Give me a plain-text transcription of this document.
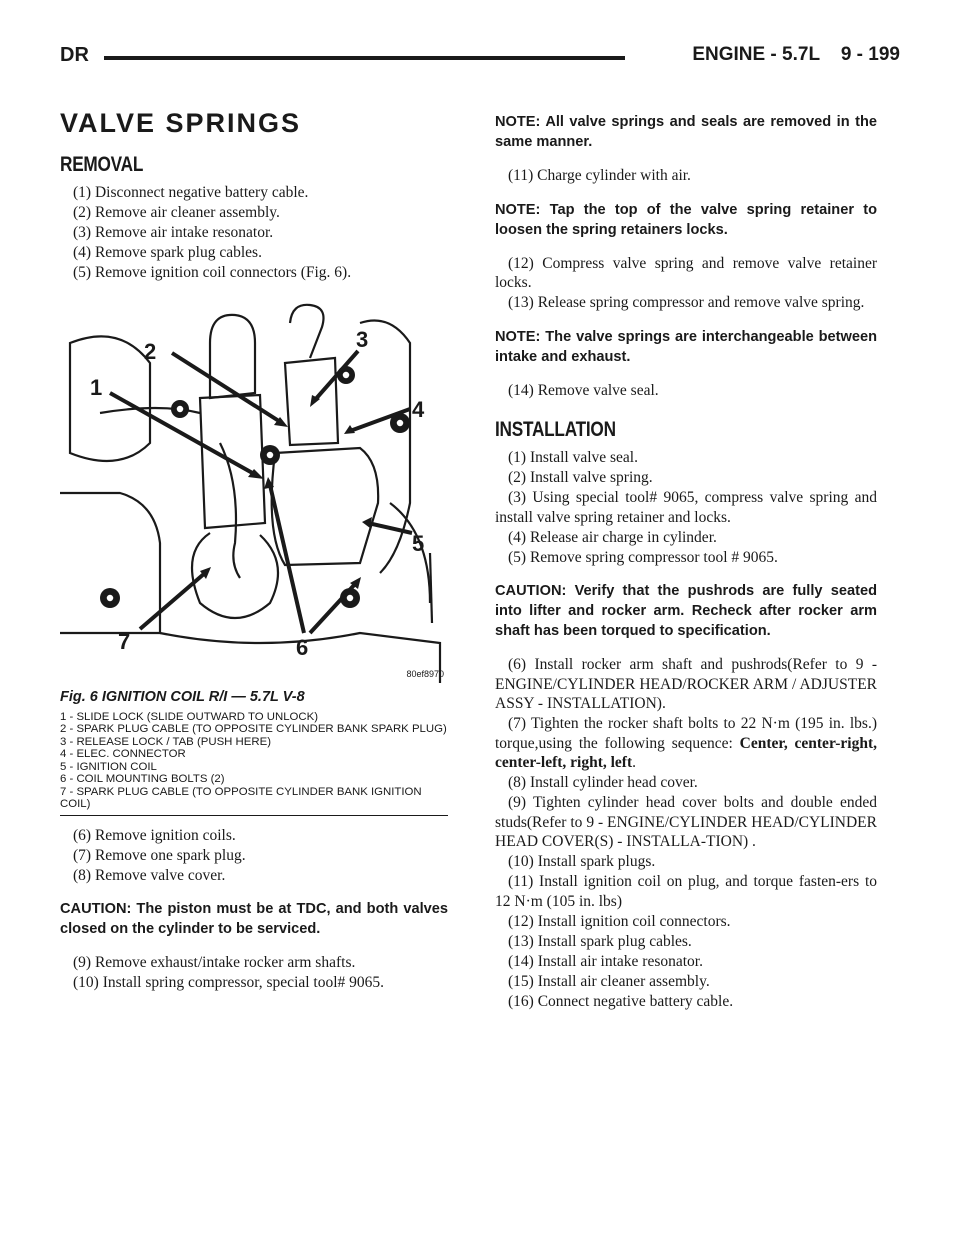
DR	ENGINE - 5.7L    9 - 199
VALVE SPRINGS
REMOVAL

(1) Disconnect negative battery cable.

(2) Remove air cleaner assembly.

(3) Remove air intake resonator.

(4) Remove spark plug cables.

(5) Remove ignition coil connectors (Fig. 6).

1
2	3
4
5
6
7
80ef8970
Fig. 6 IGNITION COIL R/I — 5.7L V-8

1 - SLIDE LOCK (SLIDE OUTWARD TO UNLOCK)

2 - SPARK PLUG CABLE (TO OPPOSITE CYLINDER BANK SPARK PLUG)

3 - RELEASE LOCK / TAB (PUSH HERE)

4 - ELEC. CONNECTOR

5 - IGNITION COIL

6 - COIL MOUNTING BOLTS (2)

7 - SPARK PLUG CABLE (TO OPPOSITE CYLINDER BANK IGNITION COIL)

(6) Remove ignition coils.

(7) Remove one spark plug.

(8) Remove valve cover.

CAUTION: The piston must be at TDC, and both valves closed on the cylinder to be serviced.

(9) Remove exhaust/intake rocker arm shafts.

(10) Install spring compressor, special tool# 9065.

NOTE: All valve springs and seals are removed in the same manner.

(11) Charge cylinder with air.

NOTE: Tap the top of the valve spring retainer to loosen the spring retainers locks.

(12) Compress valve spring and remove valve retainer locks.

(13) Release spring compressor and remove valve spring.

NOTE: The valve springs are interchangeable between intake and exhaust.

(14) Remove valve seal.

INSTALLATION

(1) Install valve seal.

(2) Install valve spring.

(3) Using special tool# 9065, compress valve spring and install valve spring retainer and locks.

(4) Release air charge in cylinder.

(5) Remove spring compressor tool # 9065.

CAUTION: Verify that the pushrods are fully seated into lifter and rocker arm. Recheck after rocker arm shaft has been torqued to specification.

(6) Install rocker arm shaft and pushrods(Refer to 9 - ENGINE/CYLINDER HEAD/ROCKER ARM / ADJUSTER ASSY - INSTALLATION).

(7) Tighten the rocker shaft bolts to 22 N·m (195 in. lbs.) torque,using the following sequence: Center, center-right, center-left, right, left.

(8) Install cylinder head cover.

(9) Tighten cylinder head cover bolts and double ended studs(Refer to 9 - ENGINE/CYLINDER HEAD/CYLINDER HEAD COVER(S) - INSTALLA-TION) .

(10) Install spark plugs.

(11) Install ignition coil on plug, and torque fasten-ers to 12 N·m (105 in. lbs)

(12) Install ignition coil connectors.

(13) Install spark plug cables.

(14) Install air intake resonator.

(15) Install air cleaner assembly.

(16) Connect negative battery cable.
